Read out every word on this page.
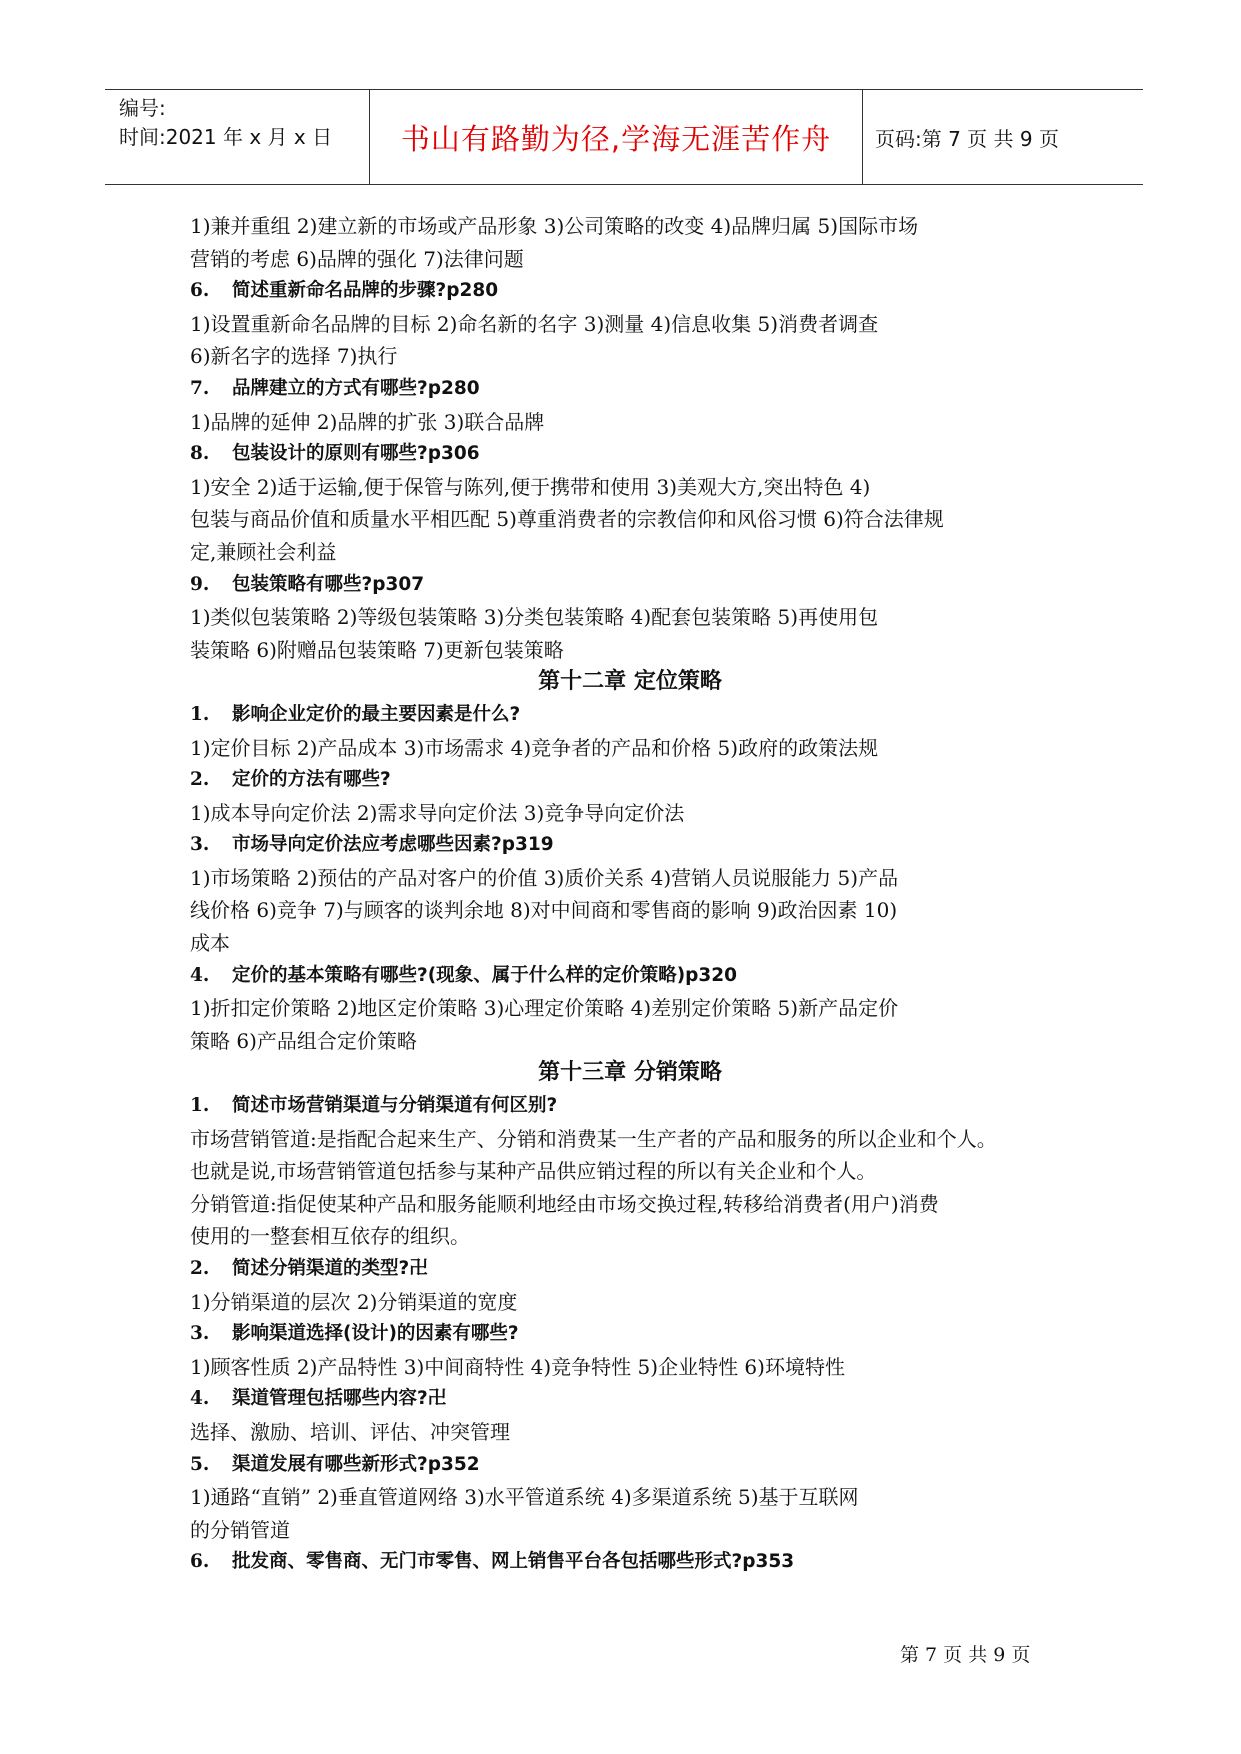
编号:
时间:2021 年 x 月 x 日	书山有路勤为径,学海无涯苦作舟	页码:第 7 页 共 9 页
1)兼并重组 2)建立新的市场或产品形象 3)公司策略的改变 4)品牌归属 5)国际市场
营销的考虑 6)品牌的强化 7)法律问题
6. 简述重新命名品牌的步骤?p280
1)设置重新命名品牌的目标 2)命名新的名字 3)测量 4)信息收集 5)消费者调查
6)新名字的选择 7)执行
7. 品牌建立的方式有哪些?p280
1)品牌的延伸 2)品牌的扩张 3)联合品牌
8. 包装设计的原则有哪些?p306
1)安全 2)适于运输,便于保管与陈列,便于携带和使用 3)美观大方,突出特色 4)
包装与商品价值和质量水平相匹配 5)尊重消费者的宗教信仰和风俗习惯 6)符合法律规
定,兼顾社会利益
9. 包装策略有哪些?p307
1)类似包装策略 2)等级包装策略 3)分类包装策略 4)配套包装策略 5)再使用包
装策略 6)附赠品包装策略 7)更新包装策略
第十二章 定位策略
1. 影响企业定价的最主要因素是什么?
1)定价目标 2)产品成本 3)市场需求 4)竞争者的产品和价格 5)政府的政策法规
2. 定价的方法有哪些?
1)成本导向定价法 2)需求导向定价法 3)竞争导向定价法
3. 市场导向定价法应考虑哪些因素?p319
1)市场策略 2)预估的产品对客户的价值 3)质价关系 4)营销人员说服能力 5)产品
线价格 6)竞争 7)与顾客的谈判余地 8)对中间商和零售商的影响 9)政治因素 10)
成本
4. 定价的基本策略有哪些?(现象、属于什么样的定价策略)p320
1)折扣定价策略 2)地区定价策略 3)心理定价策略 4)差别定价策略 5)新产品定价
策略 6)产品组合定价策略
第十三章 分销策略
1. 简述市场营销渠道与分销渠道有何区别?
市场营销管道:是指配合起来生产、分销和消费某一生产者的产品和服务的所以企业和个人。
也就是说,市场营销管道包括参与某种产品供应销过程的所以有关企业和个人。
分销管道:指促使某种产品和服务能顺利地经由市场交换过程,转移给消费者(用户)消费
使用的一整套相互依存的组织。
2. 简述分销渠道的类型?卍
1)分销渠道的层次 2)分销渠道的宽度
3. 影响渠道选择(设计)的因素有哪些?
1)顾客性质 2)产品特性 3)中间商特性 4)竞争特性 5)企业特性 6)环境特性
4. 渠道管理包括哪些内容?卍
选择、激励、培训、评估、冲突管理
5. 渠道发展有哪些新形式?p352
1)通路“直销” 2)垂直管道网络 3)水平管道系统 4)多渠道系统 5)基于互联网
的分销管道
6. 批发商、零售商、无门市零售、网上销售平台各包括哪些形式?p353
第 7 页 共 9 页
